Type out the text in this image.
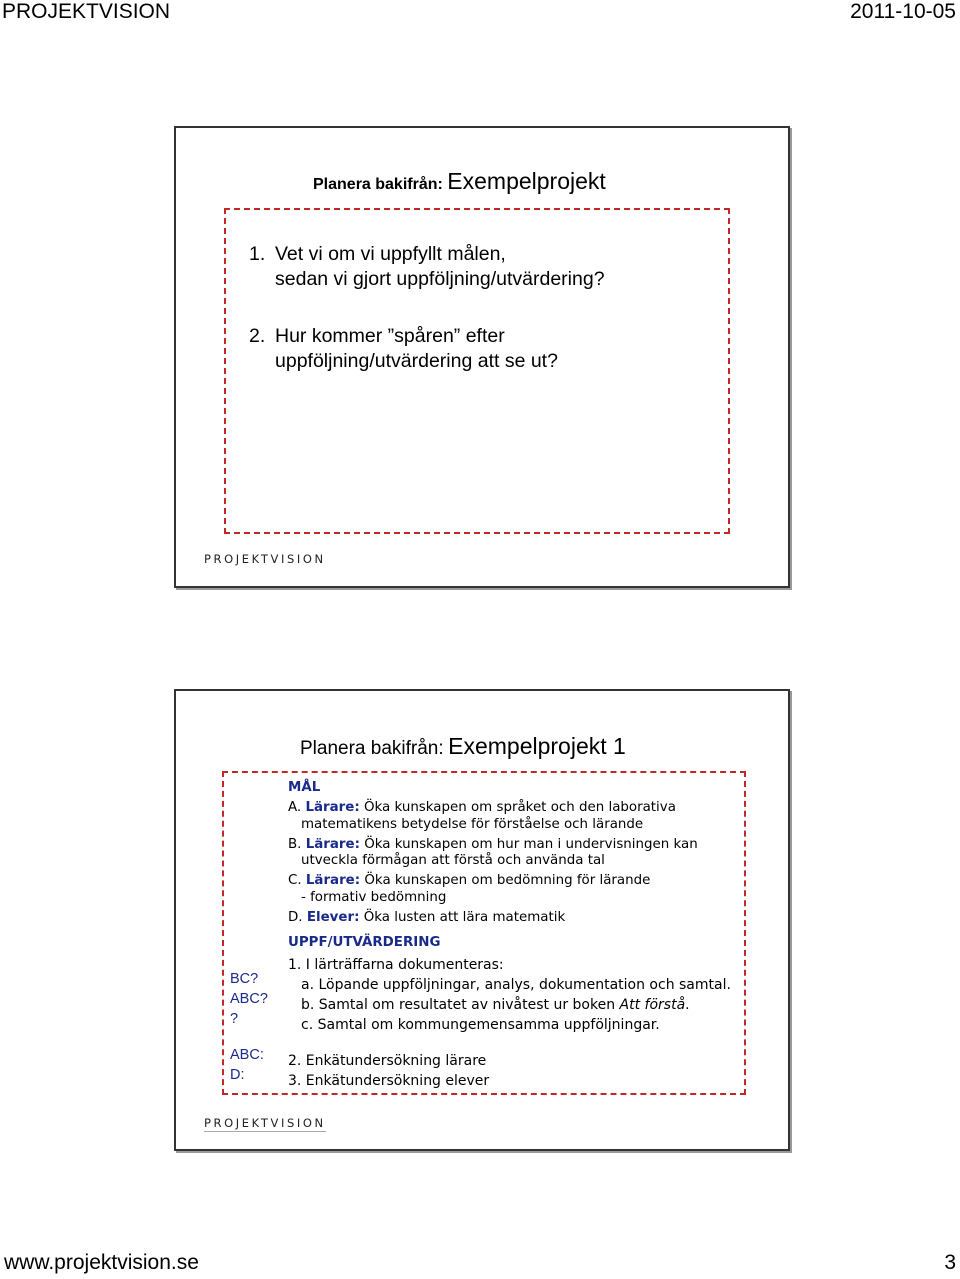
PROJEKTVISION	2011-10-05
Planera bakifrån: Exempelprojekt
1. Vet vi om vi uppfyllt målen,
sedan vi gjort uppföljning/utvärdering?
2. Hur kommer ”spåren” efter
uppföljning/utvärdering att se ut?
PROJEKTVISION
Planera bakifrån: Exempelprojekt 1
MÅL
A. Lärare: Öka kunskapen om språket och den laborativa
matematikens betydelse för förståelse och lärande
B. Lärare: Öka kunskapen om hur man i undervisningen kan
utveckla förmågan att förstå och använda tal
C. Lärare: Öka kunskapen om bedömning för lärande
- formativ bedömning
D. Elever: Öka lusten att lära matematik
UPPF/UTVÄRDERING
1. I lärträffarna dokumenteras:
a. Löpande uppföljningar, analys, dokumentation och samtal.
b. Samtal om resultatet av nivåtest ur boken Att förstå.
c. Samtal om kommungemensamma uppföljningar.
2. Enkätundersökning lärare
3. Enkätundersökning elever
BC?
ABC?
?
ABC:
D:
PROJEKTVISION
www.projektvision.se	3
